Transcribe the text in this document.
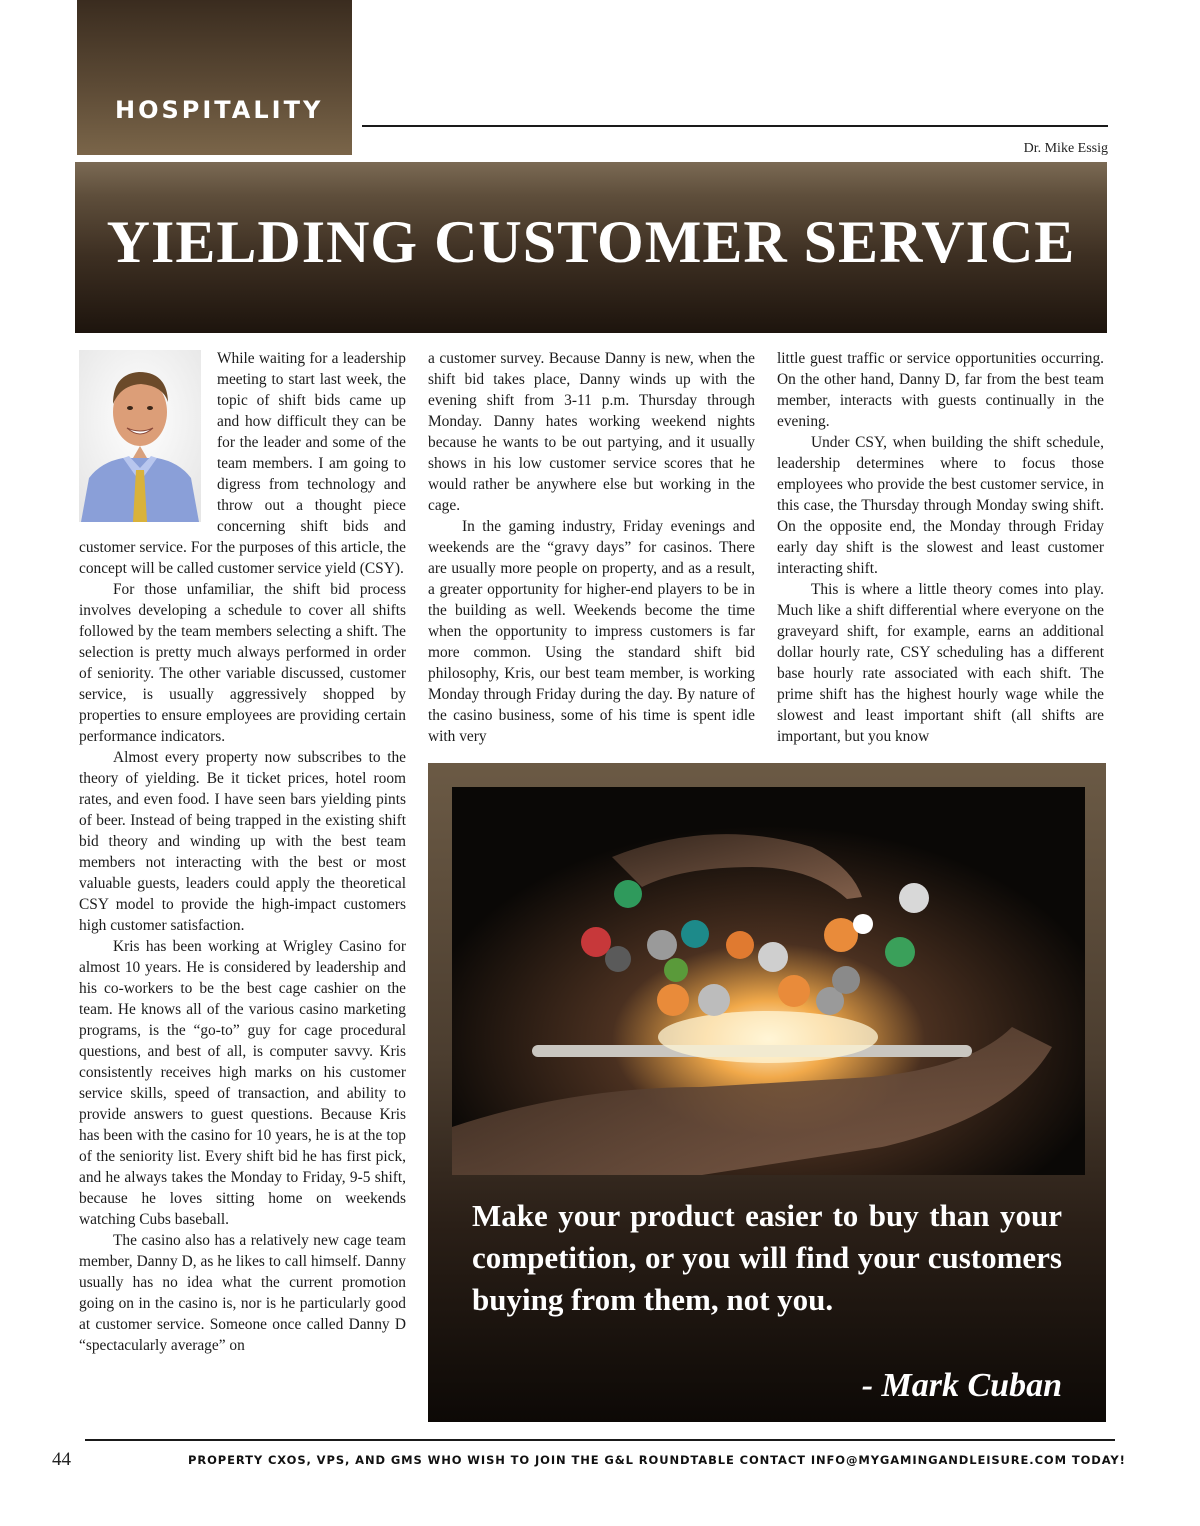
HOSPITALITY
Dr. Mike Essig
YIELDING CUSTOMER SERVICE

While waiting for a leadership meeting to start last week, the topic of shift bids came up and how difficult they can be for the leader and some of the team members. I am going to digress from technology and throw out a thought piece concerning shift bids and customer service. For the purposes of this article, the concept will be called customer service yield (CSY).

For those unfamiliar, the shift bid process involves developing a schedule to cover all shifts followed by the team members selecting a shift. The selection is pretty much always performed in order of seniority. The other variable discussed, customer service, is usually aggressively shopped by properties to ensure employees are providing certain performance indicators.

Almost every property now subscribes to the theory of yielding. Be it ticket prices, hotel room rates, and even food. I have seen bars yielding pints of beer. Instead of being trapped in the existing shift bid theory and winding up with the best team members not interacting with the best or most valuable guests, leaders could apply the theoretical CSY model to provide the high-impact customers high customer satisfaction.

Kris has been working at Wrigley Casino for almost 10 years. He is considered by leadership and his co-workers to be the best cage cashier on the team. He knows all of the various casino marketing programs, is the “go-to” guy for cage procedural questions, and best of all, is computer savvy. Kris consistently receives high marks on his customer service skills, speed of transaction, and ability to provide answers to guest questions. Because Kris has been with the casino for 10 years, he is at the top of the seniority list. Every shift bid he has first pick, and he always takes the Monday to Friday, 9-5 shift, because he loves sitting home on weekends watching Cubs baseball.

The casino also has a relatively new cage team member, Danny D, as he likes to call himself. Danny usually has no idea what the current promotion going on in the casino is, nor is he particularly good at customer service. Someone once called Danny D “spectacularly average” on

a customer survey. Because Danny is new, when the shift bid takes place, Danny winds up with the evening shift from 3-11 p.m. Thursday through Monday. Danny hates working weekend nights because he wants to be out partying, and it usually shows in his low customer service scores that he would rather be anywhere else but working in the cage.

In the gaming industry, Friday evenings and weekends are the “gravy days” for casinos. There are usually more people on property, and as a result, a greater opportunity for higher-end players to be in the building as well. Weekends become the time when the opportunity to impress customers is far more common. Using the standard shift bid philosophy, Kris, our best team member, is working Monday through Friday during the day. By nature of the casino business, some of his time is spent idle with very

little guest traffic or service opportunities occurring. On the other hand, Danny D, far from the best team member, interacts with guests continually in the evening.

Under CSY, when building the shift schedule, leadership determines where to focus those employees who provide the best customer service, in this case, the Thursday through Monday swing shift. On the opposite end, the Monday through Friday early day shift is the slowest and least customer interacting shift.

This is where a little theory comes into play. Much like a shift differential where everyone on the graveyard shift, for example, earns an additional dollar hourly rate, CSY scheduling has a different base hourly rate associated with each shift. The prime shift has the highest hourly wage while the slowest and least important shift (all shifts are important, but you know

Make your product easier to buy than your competition, or you will find your customers buying from them, not you.
- Mark Cuban
44	PROPERTY CXOS, VPS, AND GMS WHO WISH TO JOIN THE G&L ROUNDTABLE CONTACT INFO@MYGAMINGANDLEISURE.COM TODAY!
